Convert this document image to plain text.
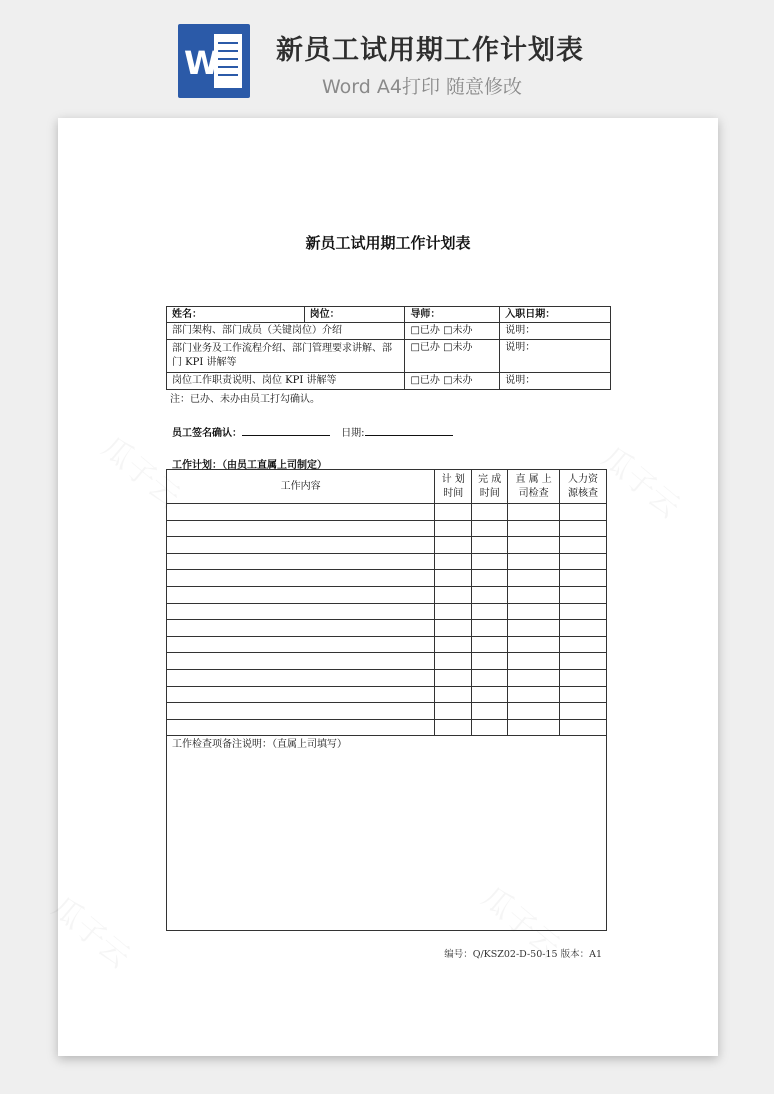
W 新员工试用期工作计划表
Word A4打印 随意修改
新员工试用期工作计划表
姓名：	岗位：	导师：	入职日期：
部门架构、部门成员（关键岗位）介绍		□已办 □未办	说明：
部门业务及工作流程介绍、部门管理要求讲解、部门 KPI 讲解等		□已办 □未办	说明：
岗位工作职责说明、岗位 KPI 讲解等		□已办 □未办	说明：
注：已办、未办由员工打勾确认。
员工签名确认：	日期:
工作计划：（由员工直属上司制定）
工作内容	计 划 时间	完 成 时间	直 属 上 司检查	人力资 源核查

工作检查项备注说明：（直属上司填写）				
编号：Q/KSZ02-D-50-15 版本：A1
